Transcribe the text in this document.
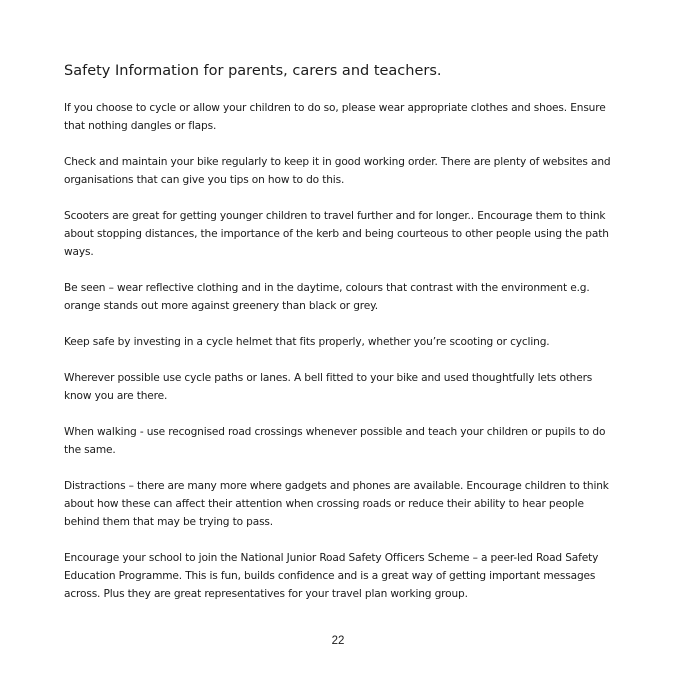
Safety Information for parents, carers and teachers.

If you choose to cycle or allow your children to do so, please wear appropriate clothes and shoes. Ensure that nothing dangles or flaps.

Check and maintain your bike regularly to keep it in good working order. There are plenty of websites and organisations that can give you tips on how to do this.

Scooters are great for getting younger children to travel further and for longer.. Encourage them to think about stopping distances, the importance of the kerb and being courteous to other people using the path ways.

Be seen – wear reflective clothing and in the daytime, colours that contrast with the environment e.g. orange stands out more against greenery than black or grey.

Keep safe by investing in a cycle helmet that fits properly, whether you’re scooting or cycling.

Wherever possible use cycle paths or lanes. A bell fitted to your bike and used thoughtfully lets others know you are there.

When walking - use recognised road crossings whenever possible and teach your children or pupils to do the same.

Distractions – there are many more where gadgets and phones are available. Encourage children to think about how these can affect their attention when crossing roads or reduce their ability to hear people behind them that may be trying to pass.

Encourage your school to join the National Junior Road Safety Officers Scheme – a peer-led Road Safety Education Programme. This is fun, builds confidence and is a great way of getting important messages across. Plus they are great representatives for your travel plan working group.

22
